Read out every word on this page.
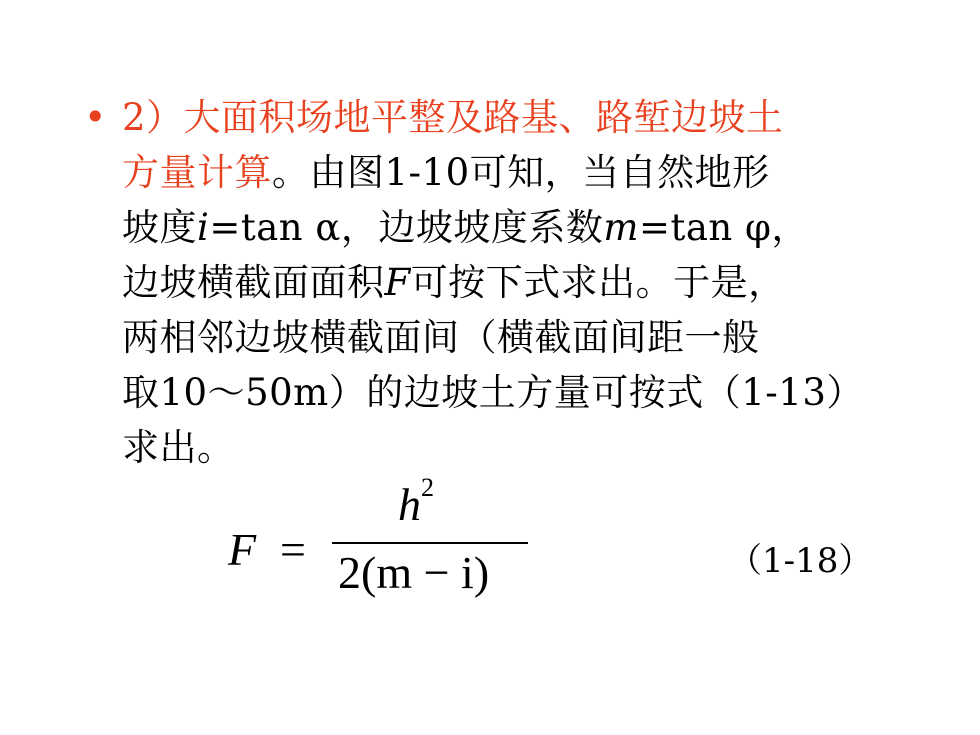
• 2）大面积场地平整及路基、路堑边坡土
方量计算。由图1-10可知，当自然地形
坡度i=tan α，边坡坡度系数m=tan φ，
边坡横截面面积F可按下式求出。于是，
两相邻边坡横截面间（横截面间距一般
取10～50m）的边坡土方量可按式（1-13）
求出。
F =
$h^2$
2(m − i)	（1-18）
